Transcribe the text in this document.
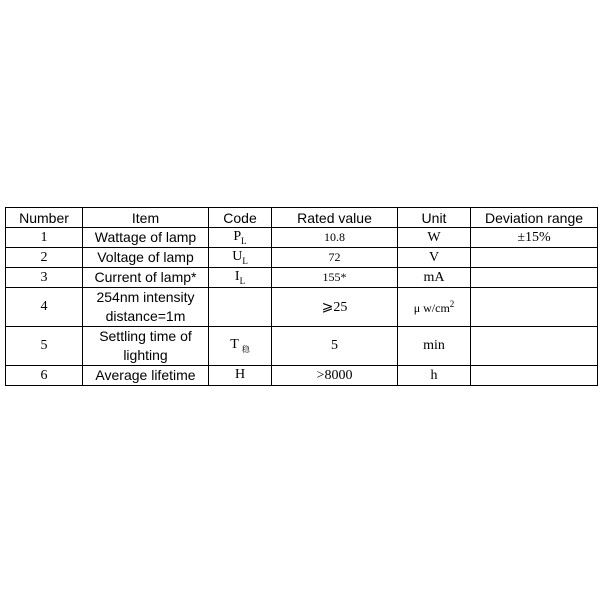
Number	Item	Code	Rated value	Unit	Deviation range
1	Wattage of lamp	$P_L$	10.8	W	±15%
2	Voltage of lamp	$U_L$	72	V	
3	Current of lamp*	$I_L$	155*	mA	
4	254nm intensity distance=1m		⩾25	μ $w/cm^2$	
5	Settling time of lighting	T $_稳$	5	min	
6	Average lifetime	H	>8000	h	
